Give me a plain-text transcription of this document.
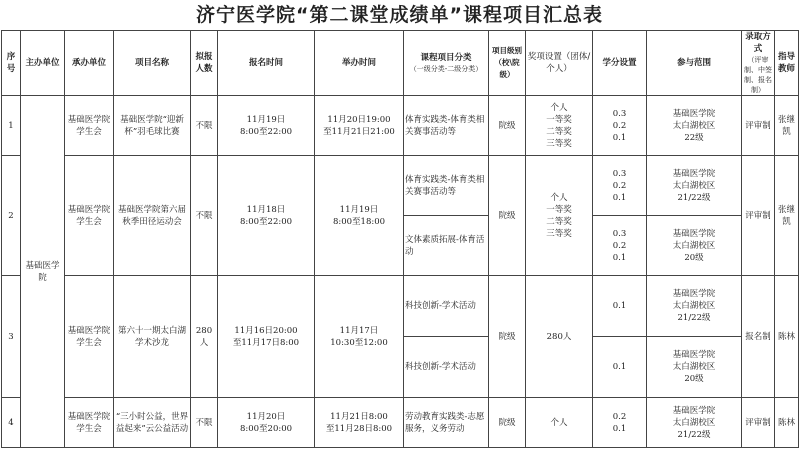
济宁医学院“第二课堂成绩单”课程项目汇总表
序号	主办单位	承办单位	项目名称	拟报人数	报名时间	举办时间	课程项目分类
（一级分类-二级分类）	项目级别（校\院级）	奖项设置（团体/个人）	学分设置	参与范围	录取方式
（评审制、中签制、报名制）	指导教师
1	基础医学院	基础医学院学生会	基础医学院“迎新杯”羽毛球比赛	不限	11月19日
8:00至22:00	11月20日19:00
至11月21日21:00	体育实践类-体育类相关赛事活动等	院级	个人
一等奖
二等奖
三等奖	0.3
0.2
0.1	基础医学院
太白湖校区
22级	评审制	张继凯
2		基础医学院学生会	基础医学院第六届秋季田径运动会	不限	11月18日
8:00至22:00	11月19日
8:00至18:00	体育实践类-体育类相关赛事活动等	院级	个人
一等奖
二等奖
三等奖	0.3
0.2
0.1	基础医学院
太白湖校区
21/22级	评审制	张继凯
							文体素质拓展-体育活动			0.3
0.2
0.1	基础医学院
太白湖校区
20级		
3		基础医学院学生会	第六十一期太白湖学术沙龙	280人	11月16日20:00
至11月17日8:00	11月17日
10:30至12:00	科技创新-学术活动	院级	280人	0.1	基础医学院
太白湖校区
21/22级	报名制	陈林
							科技创新-学术活动			0.1	基础医学院
太白湖校区
20级		
4		基础医学院学生会	“三小时公益，世界益起来”云公益活动	不限	11月20日
8:00至20:00	11月21日8:00
至11月28日8:00	劳动教育实践类-志愿服务，义务劳动	院级	个人	0.2
0.1	基础医学院
太白湖校区
21/22级	评审制	陈林
